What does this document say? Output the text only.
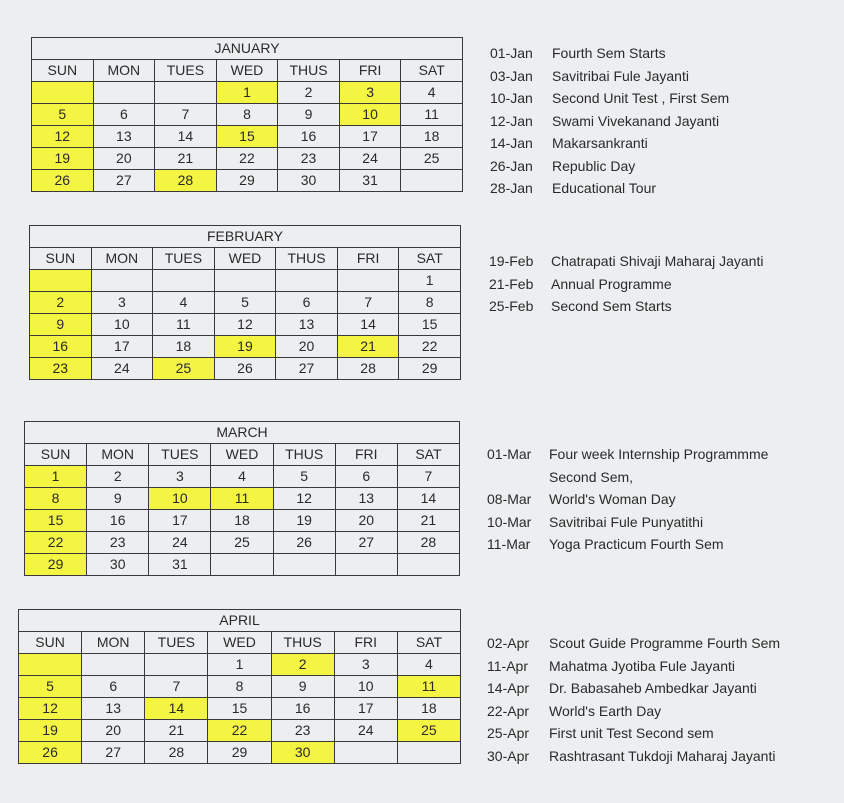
JANUARY						
SUN	MON	TUES	WED	THUS	FRI	SAT
			1	2	3	4
5	6	7	8	9	10	11
12	13	14	15	16	17	18
19	20	21	22	23	24	25
26	27	28	29	30	31	
01-Jan	Fourth Sem Starts
03-Jan	Savitribai Fule Jayanti
10-Jan	Second Unit Test , First Sem
12-Jan	Swami Vivekanand Jayanti
14-Jan	Makarsankranti
26-Jan	Republic Day
28-Jan	Educational Tour
FEBRUARY						
SUN	MON	TUES	WED	THUS	FRI	SAT
						1
2	3	4	5	6	7	8
9	10	11	12	13	14	15
16	17	18	19	20	21	22
23	24	25	26	27	28	29
19-Feb	Chatrapati Shivaji Maharaj Jayanti
21-Feb	Annual Programme
25-Feb	Second Sem Starts
MARCH						
SUN	MON	TUES	WED	THUS	FRI	SAT
1	2	3	4	5	6	7
8	9	10	11	12	13	14
15	16	17	18	19	20	21
22	23	24	25	26	27	28
29	30	31				
01-Mar	Four week Internship Programmme
Second Sem,
08-Mar	World's Woman Day
10-Mar	Savitribai Fule Punyatithi
11-Mar	Yoga Practicum Fourth Sem
APRIL						
SUN	MON	TUES	WED	THUS	FRI	SAT
			1	2	3	4
5	6	7	8	9	10	11
12	13	14	15	16	17	18
19	20	21	22	23	24	25
26	27	28	29	30		
02-Apr	Scout Guide Programme Fourth Sem
11-Apr	Mahatma Jyotiba Fule Jayanti
14-Apr	Dr. Babasaheb Ambedkar Jayanti
22-Apr	World's Earth Day
25-Apr	First unit Test Second sem
30-Apr	Rashtrasant Tukdoji Maharaj Jayanti
